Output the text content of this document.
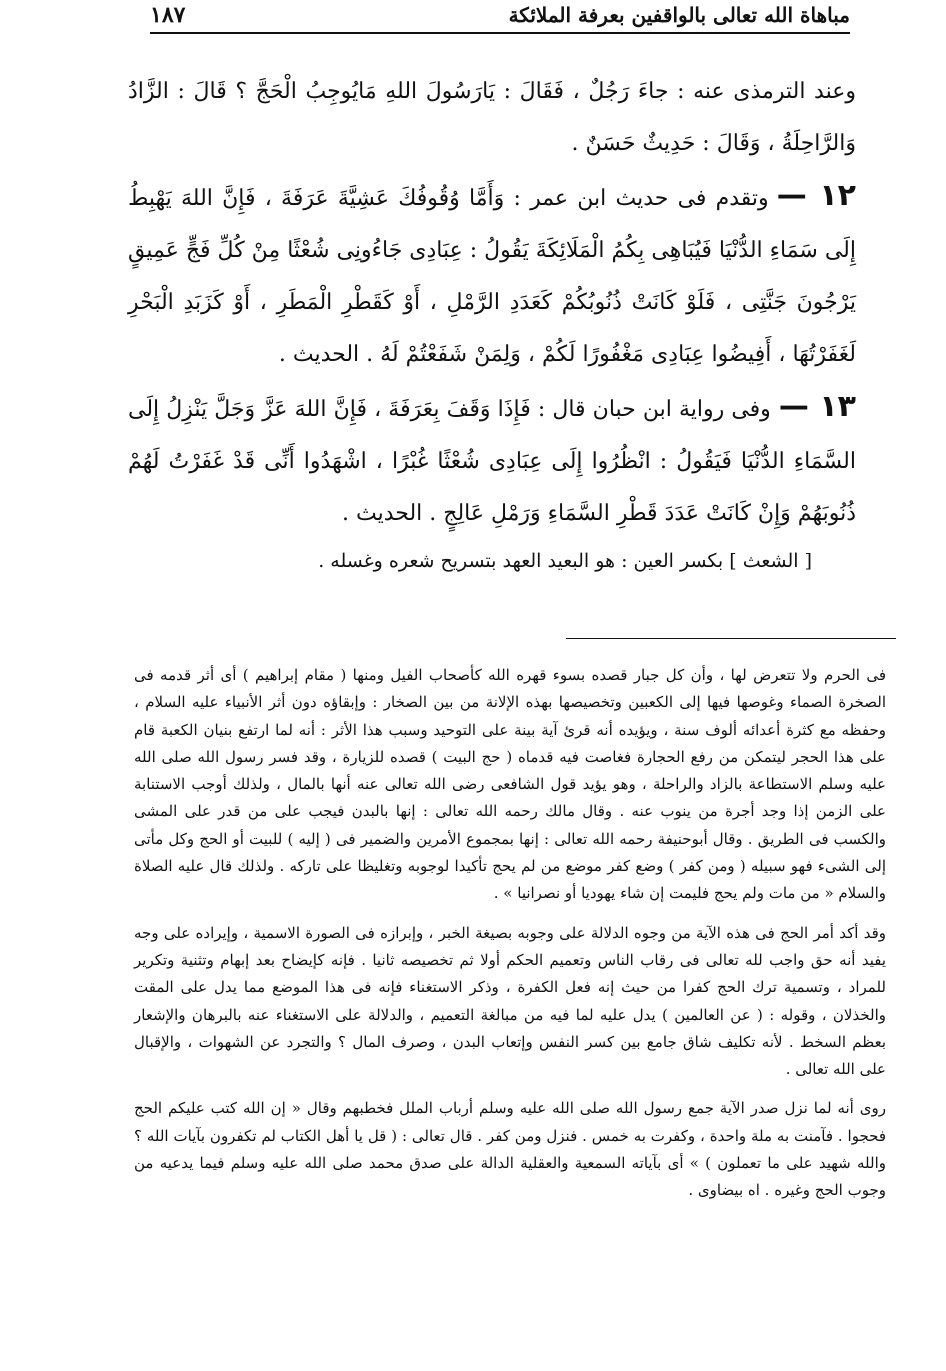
مباهاة الله تعالى بالواقفين بعرفة الملائكة
١٨٧

وعند الترمذى عنه : جاءَ رَجُلٌ ، فَقَالَ : يَارَسُولَ اللهِ مَايُوجِبُ الْحَجَّ ؟ قَالَ : الزَّادُ وَالرَّاحِلَةُ ، وَقَالَ : حَدِيثٌ حَسَنٌ .

١٢ —وتقدم فى حديث ابن عمر : وَأَمَّا وُقُوفُكَ عَشِيَّةَ عَرَفَةَ ، فَإِنَّ اللهَ يَهْبِطُ إِلَى سَمَاءِ الدُّنْيَا فَيُبَاهِى بِكُمُ الْمَلَائِكَةَ يَقُولُ : عِبَادِى جَاءُونِى شُعْثًا مِنْ كُلِّ فَجٍّ عَمِيقٍ يَرْجُونَ جَنَّتِى ، فَلَوْ كَانَتْ ذُنُوبُكُمْ كَعَدَدِ الرَّمْلِ ، أَوْ كَقَطْرِ الْمَطَرِ ، أَوْ كَزَبَدِ الْبَحْرِ لَغَفَرْتُهَا ، أَفِيضُوا عِبَادِى مَغْفُورًا لَكُمْ ، وَلِمَنْ شَفَعْتُمْ لَهُ . الحديث .

١٣ —وفى رواية ابن حبان قال : فَإِذَا وَقَفَ بِعَرَفَةَ ، فَإِنَّ اللهَ عَزَّ وَجَلَّ يَنْزِلُ إِلَى السَّمَاءِ الدُّنْيَا فَيَقُولُ : انْظُرُوا إِلَى عِبَادِى شُعْثًا غُبْرًا ، اشْهَدُوا أَنِّى قَدْ غَفَرْتُ لَهُمْ ذُنُوبَهُمْ وَإِنْ كَانَتْ عَدَدَ قَطْرِ السَّمَاءِ وَرَمْلِ عَالِجٍ . الحديث .

[ الشعث ] بكسر العين : هو البعيد العهد بتسريح شعره وغسله .

فى الحرم ولا تتعرض لها ، وأن كل جبار قصده بسوء قهره الله كأصحاب الفيل ومنها ( مقام إبراهيم ) أى أثر قدمه فى الصخرة الصماء وغوصها فيها إلى الكعبين وتخصيصها بهذه الإلانة من بين الصخار : وإبقاؤه دون أثر الأنبياء عليه السلام ، وحفظه مع كثرة أعدائه ألوف سنة ، ويؤيده أنه قرئ آية بينة على التوحيد وسبب هذا الأثر : أنه لما ارتفع بنيان الكعبة قام على هذا الحجر ليتمكن من رفع الحجارة فغاصت فيه قدماه ( حج البيت ) قصده للزيارة ، وقد فسر رسول الله صلى الله عليه وسلم الاستطاعة بالزاد والراحلة ، وهو يؤيد قول الشافعى رضى الله تعالى عنه أنها بالمال ، ولذلك أوجب الاستنابة على الزمن إذا وجد أجرة من ينوب عنه . وقال مالك رحمه الله تعالى : إنها بالبدن فيجب على من قدر على المشى والكسب فى الطريق . وقال أبوحنيفة رحمه الله تعالى : إنها بمجموع الأمرين والضمير فى ( إليه ) للبيت أو الحج وكل مأتى إلى الشىء فهو سبيله ( ومن كفر ) وضع كفر موضع من لم يحج تأكيدا لوجوبه وتغليظا على تاركه . ولذلك قال عليه الصلاة والسلام « من مات ولم يحج فليمت إن شاء يهوديا أو نصرانيا » .

وقد أكد أمر الحج فى هذه الآية من وجوه الدلالة على وجوبه بصيغة الخبر ، وإبرازه فى الصورة الاسمية ، وإيراده على وجه يفيد أنه حق واجب لله تعالى فى رقاب الناس وتعميم الحكم أولا ثم تخصيصه ثانيا . فإنه كإيضاح بعد إبهام وتثنية وتكرير للمراد ، وتسمية ترك الحج كفرا من حيث إنه فعل الكفرة ، وذكر الاستغناء فإنه فى هذا الموضع مما يدل على المقت والخذلان ، وقوله : ( عن العالمين ) يدل عليه لما فيه من مبالغة التعميم ، والدلالة على الاستغناء عنه بالبرهان والإشعار بعظم السخط . لأنه تكليف شاق جامع بين كسر النفس وإتعاب البدن ، وصرف المال ؟ والتجرد عن الشهوات ، والإقبال على الله تعالى .

روى أنه لما نزل صدر الآية جمع رسول الله صلى الله عليه وسلم أرباب الملل فخطبهم وقال « إن الله كتب عليكم الحج فحجوا . فآمنت به ملة واحدة ، وكفرت به خمس . فنزل ومن كفر . قال تعالى : ( قل يا أهل الكتاب لم تكفرون بآيات الله ؟ والله شهيد على ما تعملون ) » أى بآياته السمعية والعقلية الدالة على صدق محمد صلى الله عليه وسلم فيما يدعيه من وجوب الحج وغيره . اه بيضاوى .
